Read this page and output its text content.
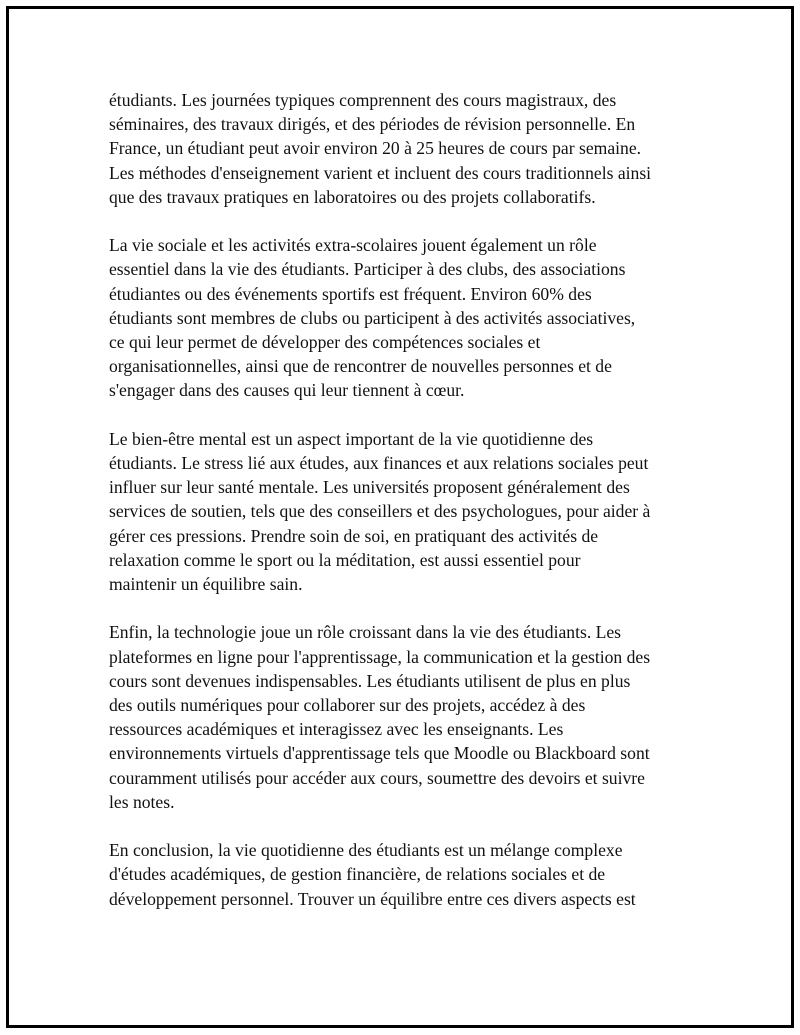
étudiants. Les journées typiques comprennent des cours magistraux, des
séminaires, des travaux dirigés, et des périodes de révision personnelle. En
France, un étudiant peut avoir environ 20 à 25 heures de cours par semaine.
Les méthodes d'enseignement varient et incluent des cours traditionnels ainsi
que des travaux pratiques en laboratoires ou des projets collaboratifs.

La vie sociale et les activités extra-scolaires jouent également un rôle
essentiel dans la vie des étudiants. Participer à des clubs, des associations
étudiantes ou des événements sportifs est fréquent. Environ 60% des
étudiants sont membres de clubs ou participent à des activités associatives,
ce qui leur permet de développer des compétences sociales et
organisationnelles, ainsi que de rencontrer de nouvelles personnes et de
s'engager dans des causes qui leur tiennent à cœur.

Le bien-être mental est un aspect important de la vie quotidienne des
étudiants. Le stress lié aux études, aux finances et aux relations sociales peut
influer sur leur santé mentale. Les universités proposent généralement des
services de soutien, tels que des conseillers et des psychologues, pour aider à
gérer ces pressions. Prendre soin de soi, en pratiquant des activités de
relaxation comme le sport ou la méditation, est aussi essentiel pour
maintenir un équilibre sain.

Enfin, la technologie joue un rôle croissant dans la vie des étudiants. Les
plateformes en ligne pour l'apprentissage, la communication et la gestion des
cours sont devenues indispensables. Les étudiants utilisent de plus en plus
des outils numériques pour collaborer sur des projets, accédez à des
ressources académiques et interagissez avec les enseignants. Les
environnements virtuels d'apprentissage tels que Moodle ou Blackboard sont
couramment utilisés pour accéder aux cours, soumettre des devoirs et suivre
les notes.

En conclusion, la vie quotidienne des étudiants est un mélange complexe
d'études académiques, de gestion financière, de relations sociales et de
développement personnel. Trouver un équilibre entre ces divers aspects est
